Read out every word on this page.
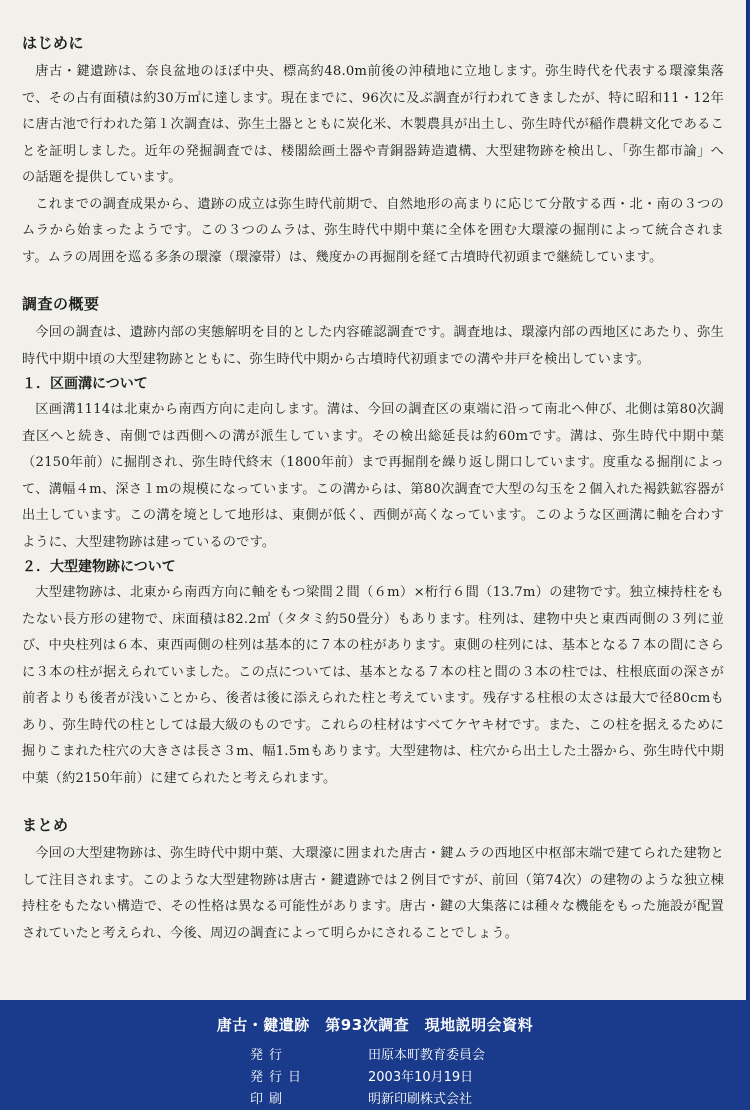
はじめに

唐古・鍵遺跡は、奈良盆地のほぼ中央、標高約48.0m前後の沖積地に立地します。弥生時代を代表する環濠集落で、その占有面積は約30万㎡に達します。現在までに、96次に及ぶ調査が行われてきましたが、特に昭和11・12年に唐古池で行われた第１次調査は、弥生土器とともに炭化米、木製農具が出土し、弥生時代が稲作農耕文化であることを証明しました。近年の発掘調査では、楼閣絵画土器や青銅器鋳造遺構、大型建物跡を検出し、「弥生都市論」への話題を提供しています。

これまでの調査成果から、遺跡の成立は弥生時代前期で、自然地形の高まりに応じて分散する西・北・南の３つのムラから始まったようです。この３つのムラは、弥生時代中期中葉に全体を囲む大環濠の掘削によって統合されます。ムラの周囲を巡る多条の環濠（環濠帯）は、幾度かの再掘削を経て古墳時代初頭まで継続しています。

調査の概要

今回の調査は、遺跡内部の実態解明を目的とした内容確認調査です。調査地は、環濠内部の西地区にあたり、弥生時代中期中頃の大型建物跡とともに、弥生時代中期から古墳時代初頭までの溝や井戸を検出しています。

１．区画溝について

区画溝1114は北東から南西方向に走向します。溝は、今回の調査区の東端に沿って南北へ伸び、北側は第80次調査区へと続き、南側では西側への溝が派生しています。その検出総延長は約60mです。溝は、弥生時代中期中葉（2150年前）に掘削され、弥生時代終末（1800年前）まで再掘削を繰り返し開口しています。度重なる掘削によって、溝幅４m、深さ１mの規模になっています。この溝からは、第80次調査で大型の勾玉を２個入れた褐鉄鉱容器が出土しています。この溝を境として地形は、東側が低く、西側が高くなっています。このような区画溝に軸を合わすように、大型建物跡は建っているのです。

２．大型建物跡について

大型建物跡は、北東から南西方向に軸をもつ梁間２間（６m）×桁行６間（13.7m）の建物です。独立棟持柱をもたない長方形の建物で、床面積は82.2㎡（タタミ約50畳分）もあります。柱列は、建物中央と東西両側の３列に並び、中央柱列は６本、東西両側の柱列は基本的に７本の柱があります。東側の柱列には、基本となる７本の間にさらに３本の柱が据えられていました。この点については、基本となる７本の柱と間の３本の柱では、柱根底面の深さが前者よりも後者が浅いことから、後者は後に添えられた柱と考えています。残存する柱根の太さは最大で径80cmもあり、弥生時代の柱としては最大級のものです。これらの柱材はすべてケヤキ材です。また、この柱を据えるために掘りこまれた柱穴の大きさは長さ３m、幅1.5mもあります。大型建物は、柱穴から出土した土器から、弥生時代中期中葉（約2150年前）に建てられたと考えられます。

まとめ

今回の大型建物跡は、弥生時代中期中葉、大環濠に囲まれた唐古・鍵ムラの西地区中枢部末端で建てられた建物として注目されます。このような大型建物跡は唐古・鍵遺跡では２例目ですが、前回（第74次）の建物のような独立棟持柱をもたない構造で、その性格は異なる可能性があります。唐古・鍵の大集落には種々な機能をもった施設が配置されていたと考えられ、今後、周辺の調査によって明らかにされることでしょう。

唐古・鍵遺跡　第93次調査　現地説明会資料
発行	田原本町教育委員会
発行日	2003年10月19日
印刷	明新印刷株式会社
